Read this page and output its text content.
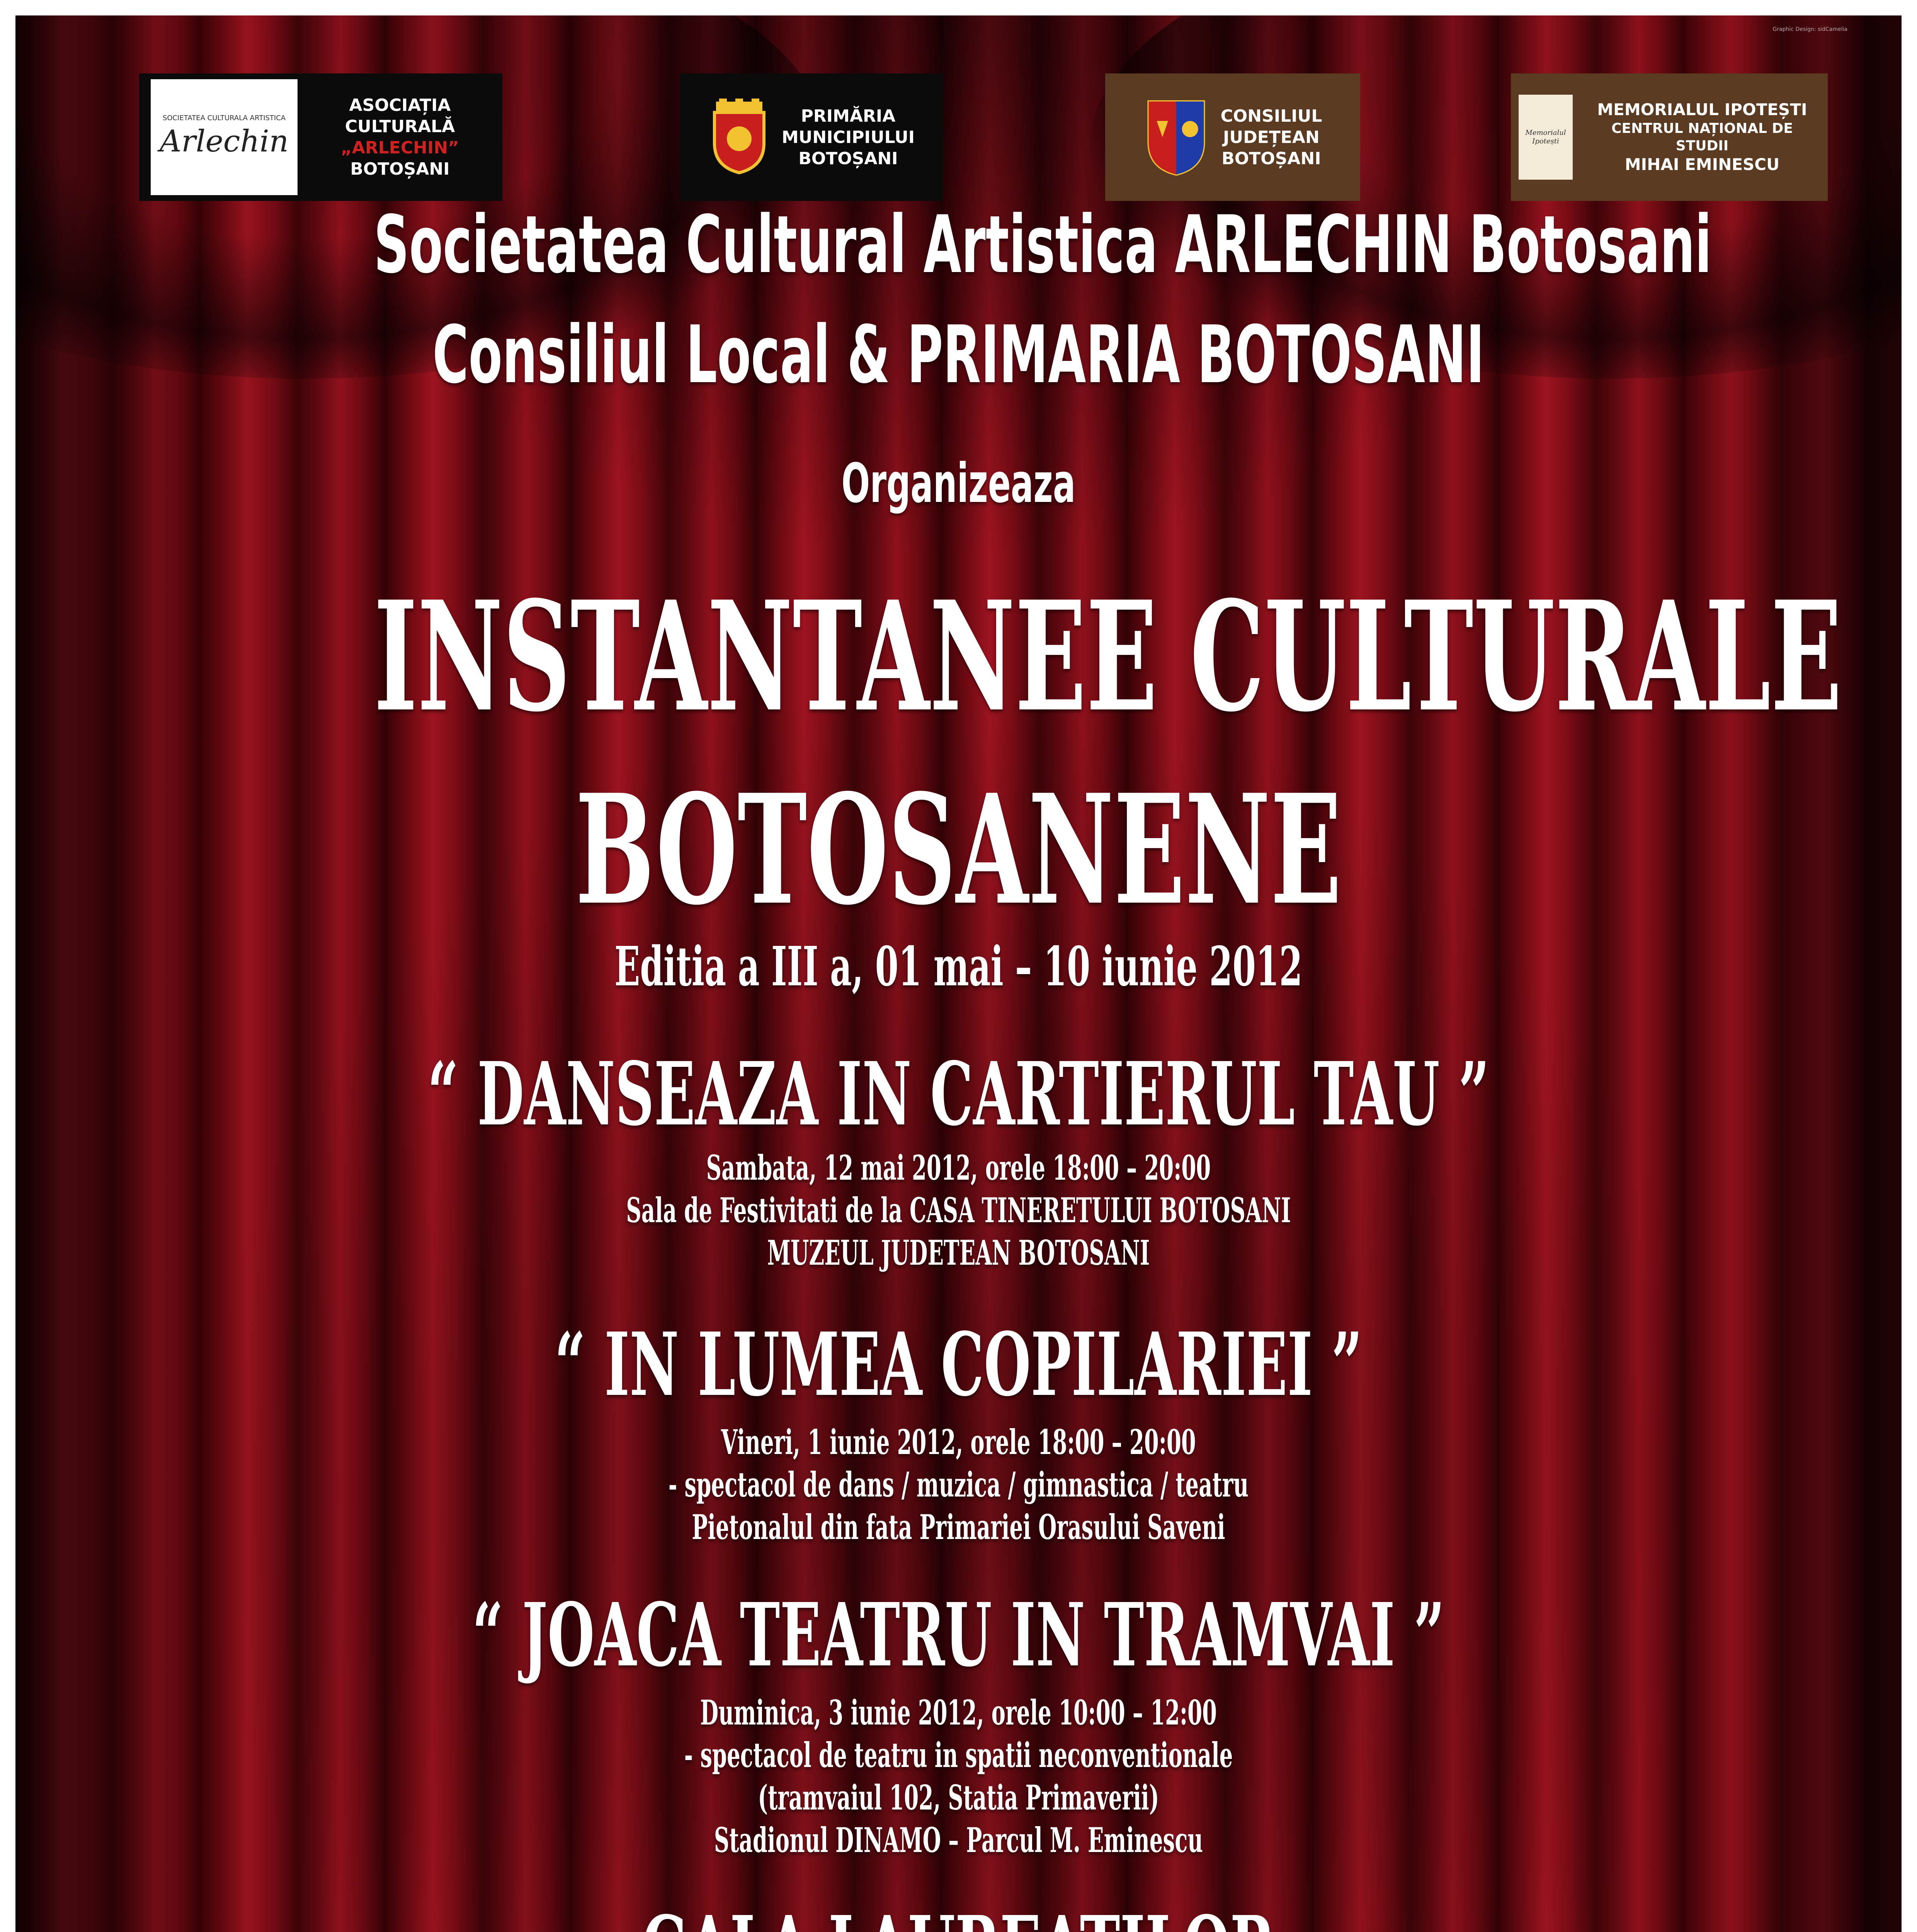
Graphic Design: sidCamelia
SOCIETATEA CULTURALA ARTISTICA
Arlechin
ASOCIAȚIA CULTURALĂ
„ARLECHIN”
BOTOȘANI
PRIMĂRIA
MUNICIPIULUI
BOTOȘANI
CONSILIUL
JUDEȚEAN
BOTOȘANI
Memorialul Ipotești
MEMORIALUL IPOTEȘTI
CENTRUL NAȚIONAL DE STUDII
MIHAI EMINESCU

Societatea Cultural Artistica ARLECHIN Botosani

Consiliul Local & PRIMARIA BOTOSANI

Organizeaza

INSTANTANEE CULTURALE
BOTOSANENE

Editia a III a, 01 mai – 10 iunie 2012

“ DANSEAZA IN CARTIERUL TAU ”

Sambata, 12 mai 2012, orele 18:00 – 20:00

Sala de Festivitati de la CASA TINERETULUI BOTOSANI

MUZEUL JUDETEAN BOTOSANI

“ IN LUMEA COPILARIEI ”

Vineri, 1 iunie 2012, orele 18:00 – 20:00

- spectacol de dans / muzica / gimnastica / teatru

Pietonalul din fata Primariei Orasului Saveni

“ JOACA TEATRU IN TRAMVAI ”

Duminica, 3 iunie 2012, orele 10:00 – 12:00

- spectacol de teatru in spatii neconventionale

(tramvaiul 102, Statia Primaverii)

Stadionul DINAMO – Parcul M. Eminescu
